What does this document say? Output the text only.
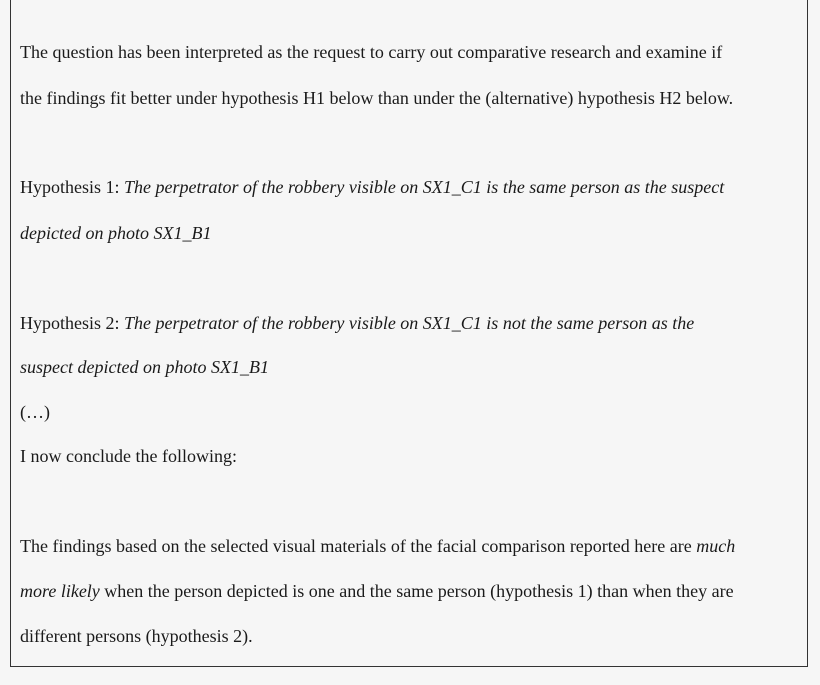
The question has been interpreted as the request to carry out comparative research and examine if
the findings fit better under hypothesis H1 below than under the (alternative) hypothesis H2 below.
Hypothesis 1: The perpetrator of the robbery visible on SX1_C1 is the same person as the suspect
depicted on photo SX1_B1
Hypothesis 2: The perpetrator of the robbery visible on SX1_C1 is not the same person as the
suspect depicted on photo SX1_B1
(…)
I now conclude the following:
The findings based on the selected visual materials of the facial comparison reported here are much
more likely when the person depicted is one and the same person (hypothesis 1) than when they are
different persons (hypothesis 2).
